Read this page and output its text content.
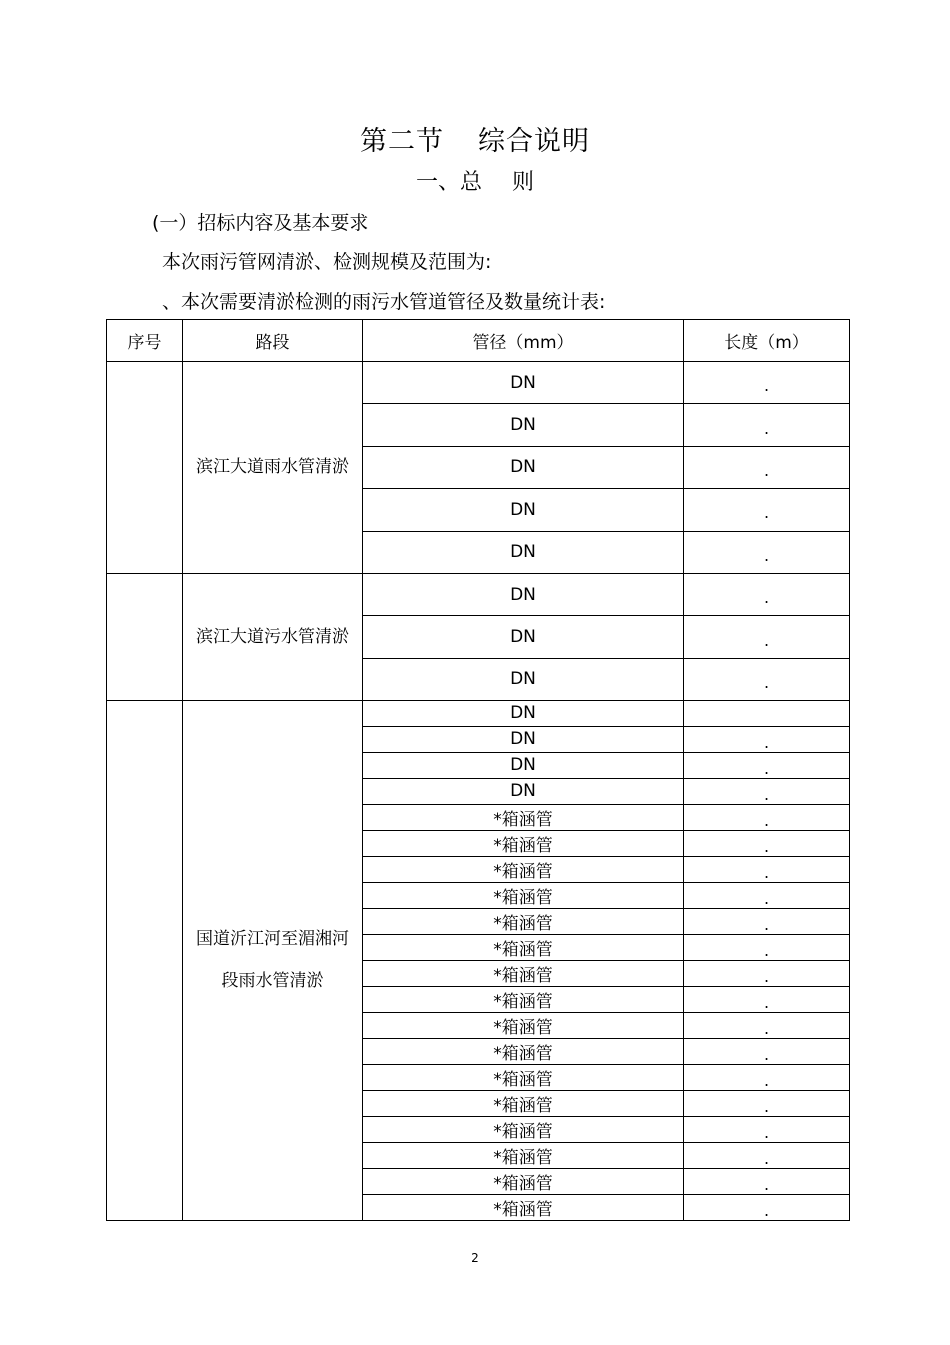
第二节 综合说明
一、总 则
(一）招标内容及基本要求
本次雨污管网清淤、检测规模及范围为:
、本次需要清淤检测的雨污水管道管径及数量统计表:
序号	路段	管径（mm）	长度（m）
	滨江大道雨水管清淤	DN	.
		DN	.
		DN	.
		DN	.
		DN	.
	滨江大道污水管清淤	DN	.
		DN	.
		DN	.
	国道沂江河至湄湘河段雨水管清淤	DN	
		DN	.
		DN	.
		DN	.
		*箱涵管	.
		*箱涵管	.
		*箱涵管	.
		*箱涵管	.
		*箱涵管	.
		*箱涵管	.
		*箱涵管	.
		*箱涵管	.
		*箱涵管	.
		*箱涵管	.
		*箱涵管	.
		*箱涵管	.
		*箱涵管	.
		*箱涵管	.
		*箱涵管	.
		*箱涵管	.
2
